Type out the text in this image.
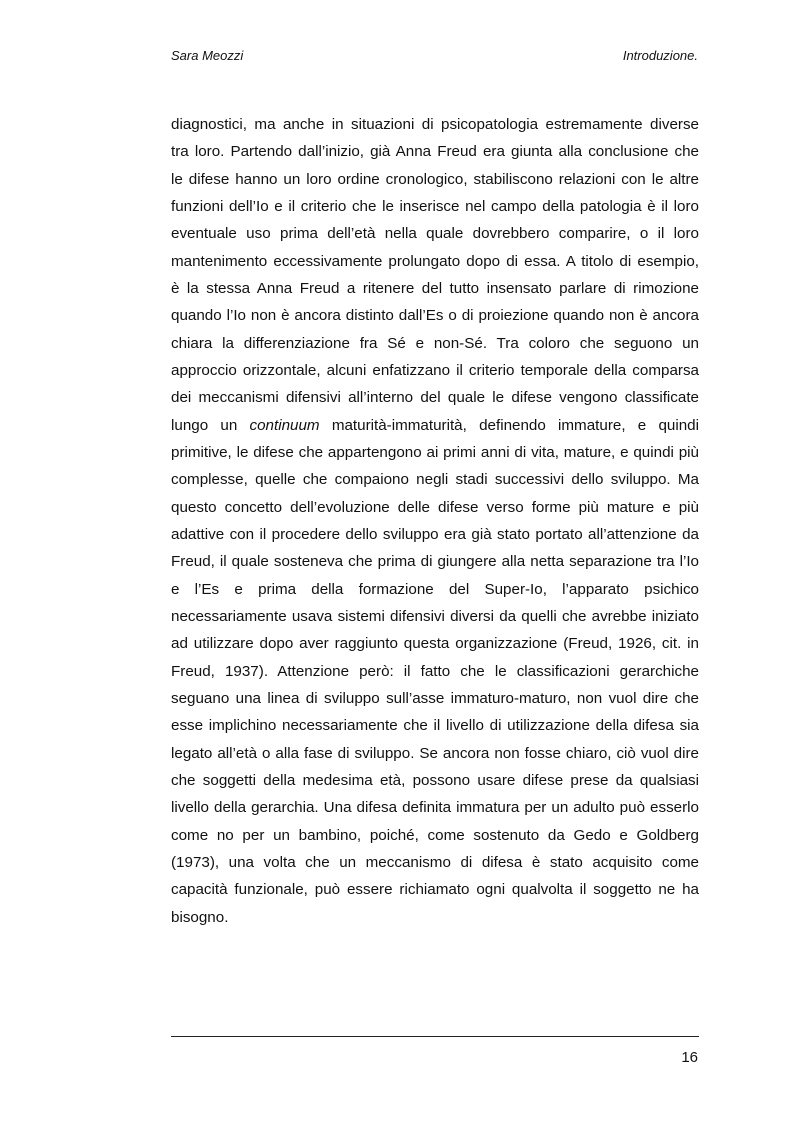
Sara Meozzi	Introduzione.

diagnostici, ma anche in situazioni di psicopatologia estremamente diverse tra loro. Partendo dall’inizio, già Anna Freud era giunta alla conclusione che le difese hanno un loro ordine cronologico, stabiliscono relazioni con le altre funzioni dell’Io e il criterio che le inserisce nel campo della patologia è il loro eventuale uso prima dell’età nella quale dovrebbero comparire, o il loro mantenimento eccessivamente prolungato dopo di essa. A titolo di esempio, è la stessa Anna Freud a ritenere del tutto insensato parlare di rimozione quando l’Io non è ancora distinto dall’Es o di proiezione quando non è ancora chiara la differenziazione fra Sé e non-Sé. Tra coloro che seguono un approccio orizzontale, alcuni enfatizzano il criterio temporale della comparsa dei meccanismi difensivi all’interno del quale le difese vengono classificate lungo un continuum maturità-immaturità, definendo immature, e quindi primitive, le difese che appartengono ai primi anni di vita, mature, e quindi più complesse, quelle che compaiono negli stadi successivi dello sviluppo. Ma questo concetto dell’evoluzione delle difese verso forme più mature e più adattive con il procedere dello sviluppo era già stato portato all’attenzione da Freud, il quale sosteneva che prima di giungere alla netta separazione tra l’Io e l’Es e prima della formazione del Super-Io, l’apparato psichico necessariamente usava sistemi difensivi diversi da quelli che avrebbe iniziato ad utilizzare dopo aver raggiunto questa organizzazione (Freud, 1926, cit. in Freud, 1937). Attenzione però: il fatto che le classificazioni gerarchiche seguano una linea di sviluppo sull’asse immaturo-maturo, non vuol dire che esse implichino necessariamente che il livello di utilizzazione della difesa sia legato all’età o alla fase di sviluppo. Se ancora non fosse chiaro, ciò vuol dire che soggetti della medesima età, possono usare difese prese da qualsiasi livello della gerarchia. Una difesa definita immatura per un adulto può esserlo come no per un bambino, poiché, come sostenuto da Gedo e Goldberg (1973), una volta che un meccanismo di difesa è stato acquisito come capacità funzionale, può essere richiamato ogni qualvolta il soggetto ne ha bisogno.

16
